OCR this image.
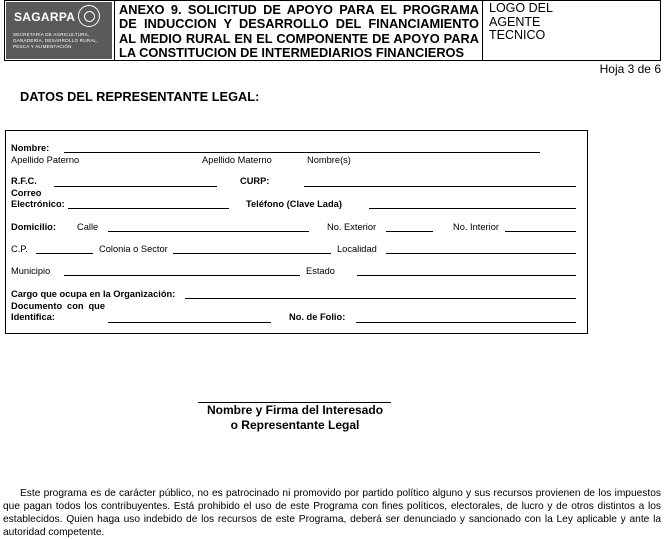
SAGARPA
SECRETARÍA DE AGRICULTURA, GANADERÍA, DESARROLLO RURAL, PESCA Y ALIMENTACIÓN
ANEXO 9. SOLICITUD DE APOYO PARA EL PROGRAMA DE INDUCCION Y DESARROLLO DEL FINANCIAMIENTO AL MEDIO RURAL EN EL COMPONENTE DE APOYO PARA LA CONSTITUCION DE INTERMEDIARIOS FINANCIEROS
LOGO DEL AGENTE TECNICO
Hoja 3 de 6
DATOS DEL REPRESENTANTE LEGAL:
Nombre:
Apellido Paterno	Apellido Materno	Nombre(s)
R.F.C.	CURP:
Correo
Electrónico:	Teléfono (Clave Lada)
Domicilio: Calle	No. Exterior	No. Interior
C.P.	Colonia o Sector	Localidad
Municipio	Estado
Cargo que ocupa en la Organización:
Documento con que
Identifica:	No. de Folio:
Nombre y Firma del Interesado
o Representante Legal
Este programa es de carácter público, no es patrocinado ni promovido por partido político alguno y sus recursos provienen de los impuestos que pagan todos los contribuyentes. Está prohibido el uso de este Programa con fines políticos, electorales, de lucro y de otros distintos a los establecidos. Quien haga uso indebido de los recursos de este Programa, deberá ser denunciado y sancionado con la Ley aplicable y ante la autoridad competente.
